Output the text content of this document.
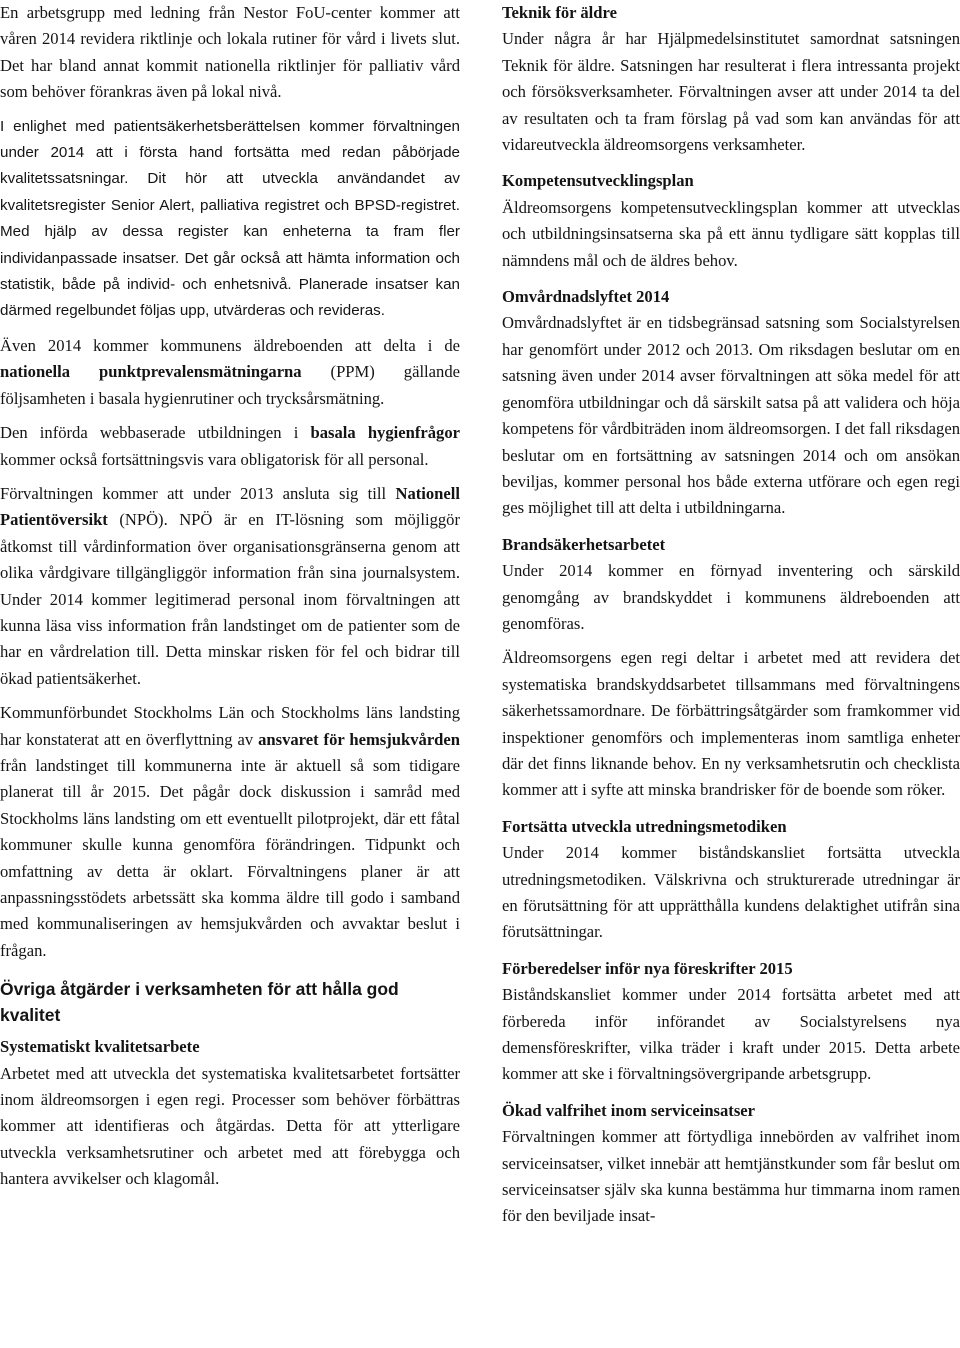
En arbetsgrupp med ledning från Nestor FoU-center kommer att våren 2014 revidera riktlinje och lokala rutiner för vård i livets slut. Det har bland annat kommit nationella riktlinjer för palliativ vård som behöver förankras även på lokal nivå.

I enlighet med patientsäkerhetsberättelsen kommer förvaltningen under 2014 att i första hand fortsätta med redan påbörjade kvalitetssatsningar. Dit hör att utveckla användandet av kvalitetsregister Senior Alert, palliativa registret och BPSD-registret. Med hjälp av dessa register kan enheterna ta fram fler individanpassade insatser. Det går också att hämta information och statistik, både på individ- och enhetsnivå. Planerade insatser kan därmed regelbundet följas upp, utvärderas och revideras.

Även 2014 kommer kommunens äldreboenden att delta i de nationella punktprevalensmätningarna (PPM) gällande följsamheten i basala hygienrutiner och trycksårsmätning.

Den införda webbaserade utbildningen i basala hygienfrågor kommer också fortsättningsvis vara obligatorisk för all personal.

Förvaltningen kommer att under 2013 ansluta sig till Nationell Patientöversikt (NPÖ). NPÖ är en IT-lösning som möjliggör åtkomst till vårdinformation över organisationsgränserna genom att olika vårdgivare tillgängliggör information från sina journalsystem. Under 2014 kommer legitimerad personal inom förvaltningen att kunna läsa viss information från landstinget om de patienter som de har en vårdrelation till. Detta minskar risken för fel och bidrar till ökad patientsäkerhet.

Kommunförbundet Stockholms Län och Stockholms läns landsting har konstaterat att en överflyttning av ansvaret för hemsjukvården från landstinget till kommunerna inte är aktuell så som tidigare planerat till år 2015. Det pågår dock diskussion i samråd med Stockholms läns landsting om ett eventuellt pilotprojekt, där ett fåtal kommuner skulle kunna genomföra förändringen. Tidpunkt och omfattning av detta är oklart. Förvaltningens planer är att anpassningsstödets arbetssätt ska komma äldre till godo i samband med kommunaliseringen av hemsjukvården och avvaktar beslut i frågan.

Övriga åtgärder i verksamheten för att hålla god kvalitet
Systematiskt kvalitetsarbete

Arbetet med att utveckla det systematiska kvalitetsarbetet fortsätter inom äldreomsorgen i egen regi. Processer som behöver förbättras kommer att identifieras och åtgärdas. Detta för att ytterligare utveckla verksamhetsrutiner och arbetet med att förebygga och hantera avvikelser och klagomål.

Teknik för äldre

Under några år har Hjälpmedelsinstitutet samordnat satsningen Teknik för äldre. Satsningen har resulterat i flera intressanta projekt och försöksverksamheter. Förvaltningen avser att under 2014 ta del av resultaten och ta fram förslag på vad som kan användas för att vidareutveckla äldreomsorgens verksamheter.

Kompetensutvecklingsplan

Äldreomsorgens kompetensutvecklingsplan kommer att utvecklas och utbildningsinsatserna ska på ett ännu tydligare sätt kopplas till nämndens mål och de äldres behov.

Omvårdnadslyftet 2014

Omvårdnadslyftet är en tidsbegränsad satsning som Socialstyrelsen har genomfört under 2012 och 2013. Om riksdagen beslutar om en satsning även under 2014 avser förvaltningen att söka medel för att genomföra utbildningar och då särskilt satsa på att validera och höja kompetens för vårdbiträden inom äldreomsorgen. I det fall riksdagen beslutar om en fortsättning av satsningen 2014 och om ansökan beviljas, kommer personal hos både externa utförare och egen regi ges möjlighet till att delta i utbildningarna.

Brandsäkerhetsarbetet

Under 2014 kommer en förnyad inventering och särskild genomgång av brandskyddet i kommunens äldreboenden att genomföras.

Äldreomsorgens egen regi deltar i arbetet med att revidera det systematiska brandskyddsarbetet tillsammans med förvaltningens säkerhetssamordnare. De förbättringsåtgärder som framkommer vid inspektioner genomförs och implementeras inom samtliga enheter där det finns liknande behov. En ny verksamhetsrutin och checklista kommer att i syfte att minska brandrisker för de boende som röker.

Fortsätta utveckla utredningsmetodiken

Under 2014 kommer biståndskansliet fortsätta utveckla utredningsmetodiken. Välskrivna och strukturerade utredningar är en förutsättning för att upprätthålla kundens delaktighet utifrån sina förutsättningar.

Förberedelser inför nya föreskrifter 2015

Biståndskansliet kommer under 2014 fortsätta arbetet med att förbereda inför införandet av Socialstyrelsens nya demensföreskrifter, vilka träder i kraft under 2015. Detta arbete kommer att ske i förvaltningsövergripande arbetsgrupp.

Ökad valfrihet inom serviceinsatser

Förvaltningen kommer att förtydliga innebörden av valfrihet inom serviceinsatser, vilket innebär att hemtjänstkunder som får beslut om serviceinsatser själv ska kunna bestämma hur timmarna inom ramen för den beviljade insat-
